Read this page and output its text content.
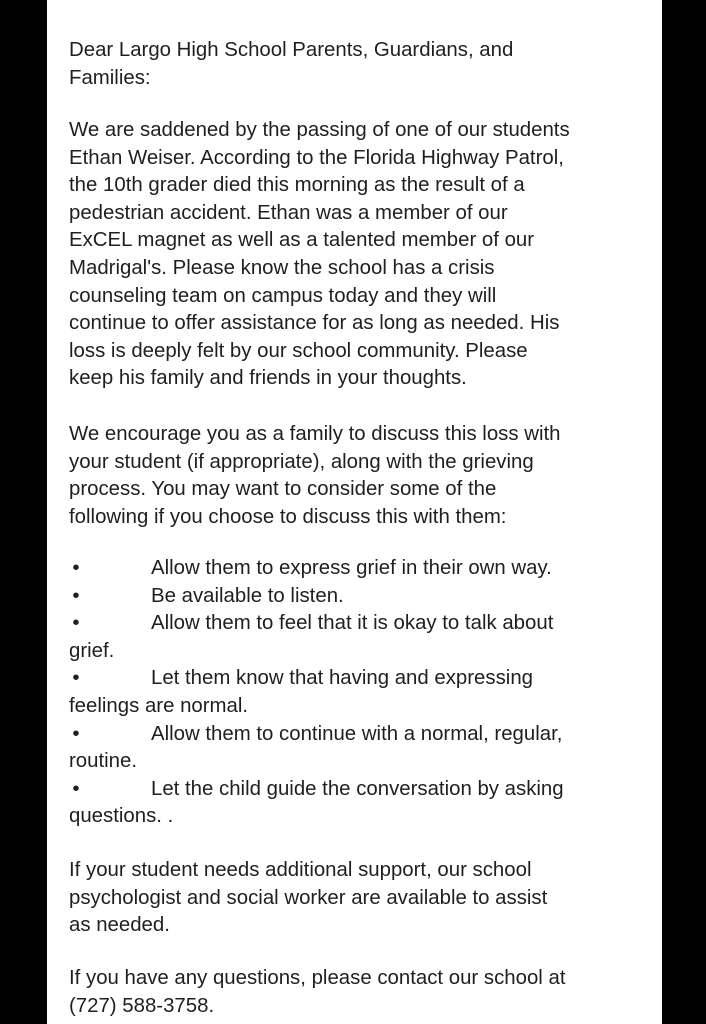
Dear Largo High School Parents, Guardians, and
Families:

We are saddened by the passing of one of our students
Ethan Weiser. According to the Florida Highway Patrol,
the 10th grader died this morning as the result of a
pedestrian accident. Ethan was a member of our
ExCEL magnet as well as a talented member of our
Madrigal's. Please know the school has a crisis
counseling team on campus today and they will
continue to offer assistance for as long as needed. His
loss is deeply felt by our school community. Please
keep his family and friends in your thoughts.

We encourage you as a family to discuss this loss with
your student (if appropriate), along with the grieving
process. You may want to consider some of the
following if you choose to discuss this with them:

•	Allow them to express grief in their own way.
•	Be available to listen.
•	Allow them to feel that it is okay to talk about
grief.
•	Let them know that having and expressing
feelings are normal.
•	Allow them to continue with a normal, regular,
routine.
•	Let the child guide the conversation by asking
questions. .

If your student needs additional support, our school
psychologist and social worker are available to assist
as needed.

If you have any questions, please contact our school at
(727) 588-3758.
